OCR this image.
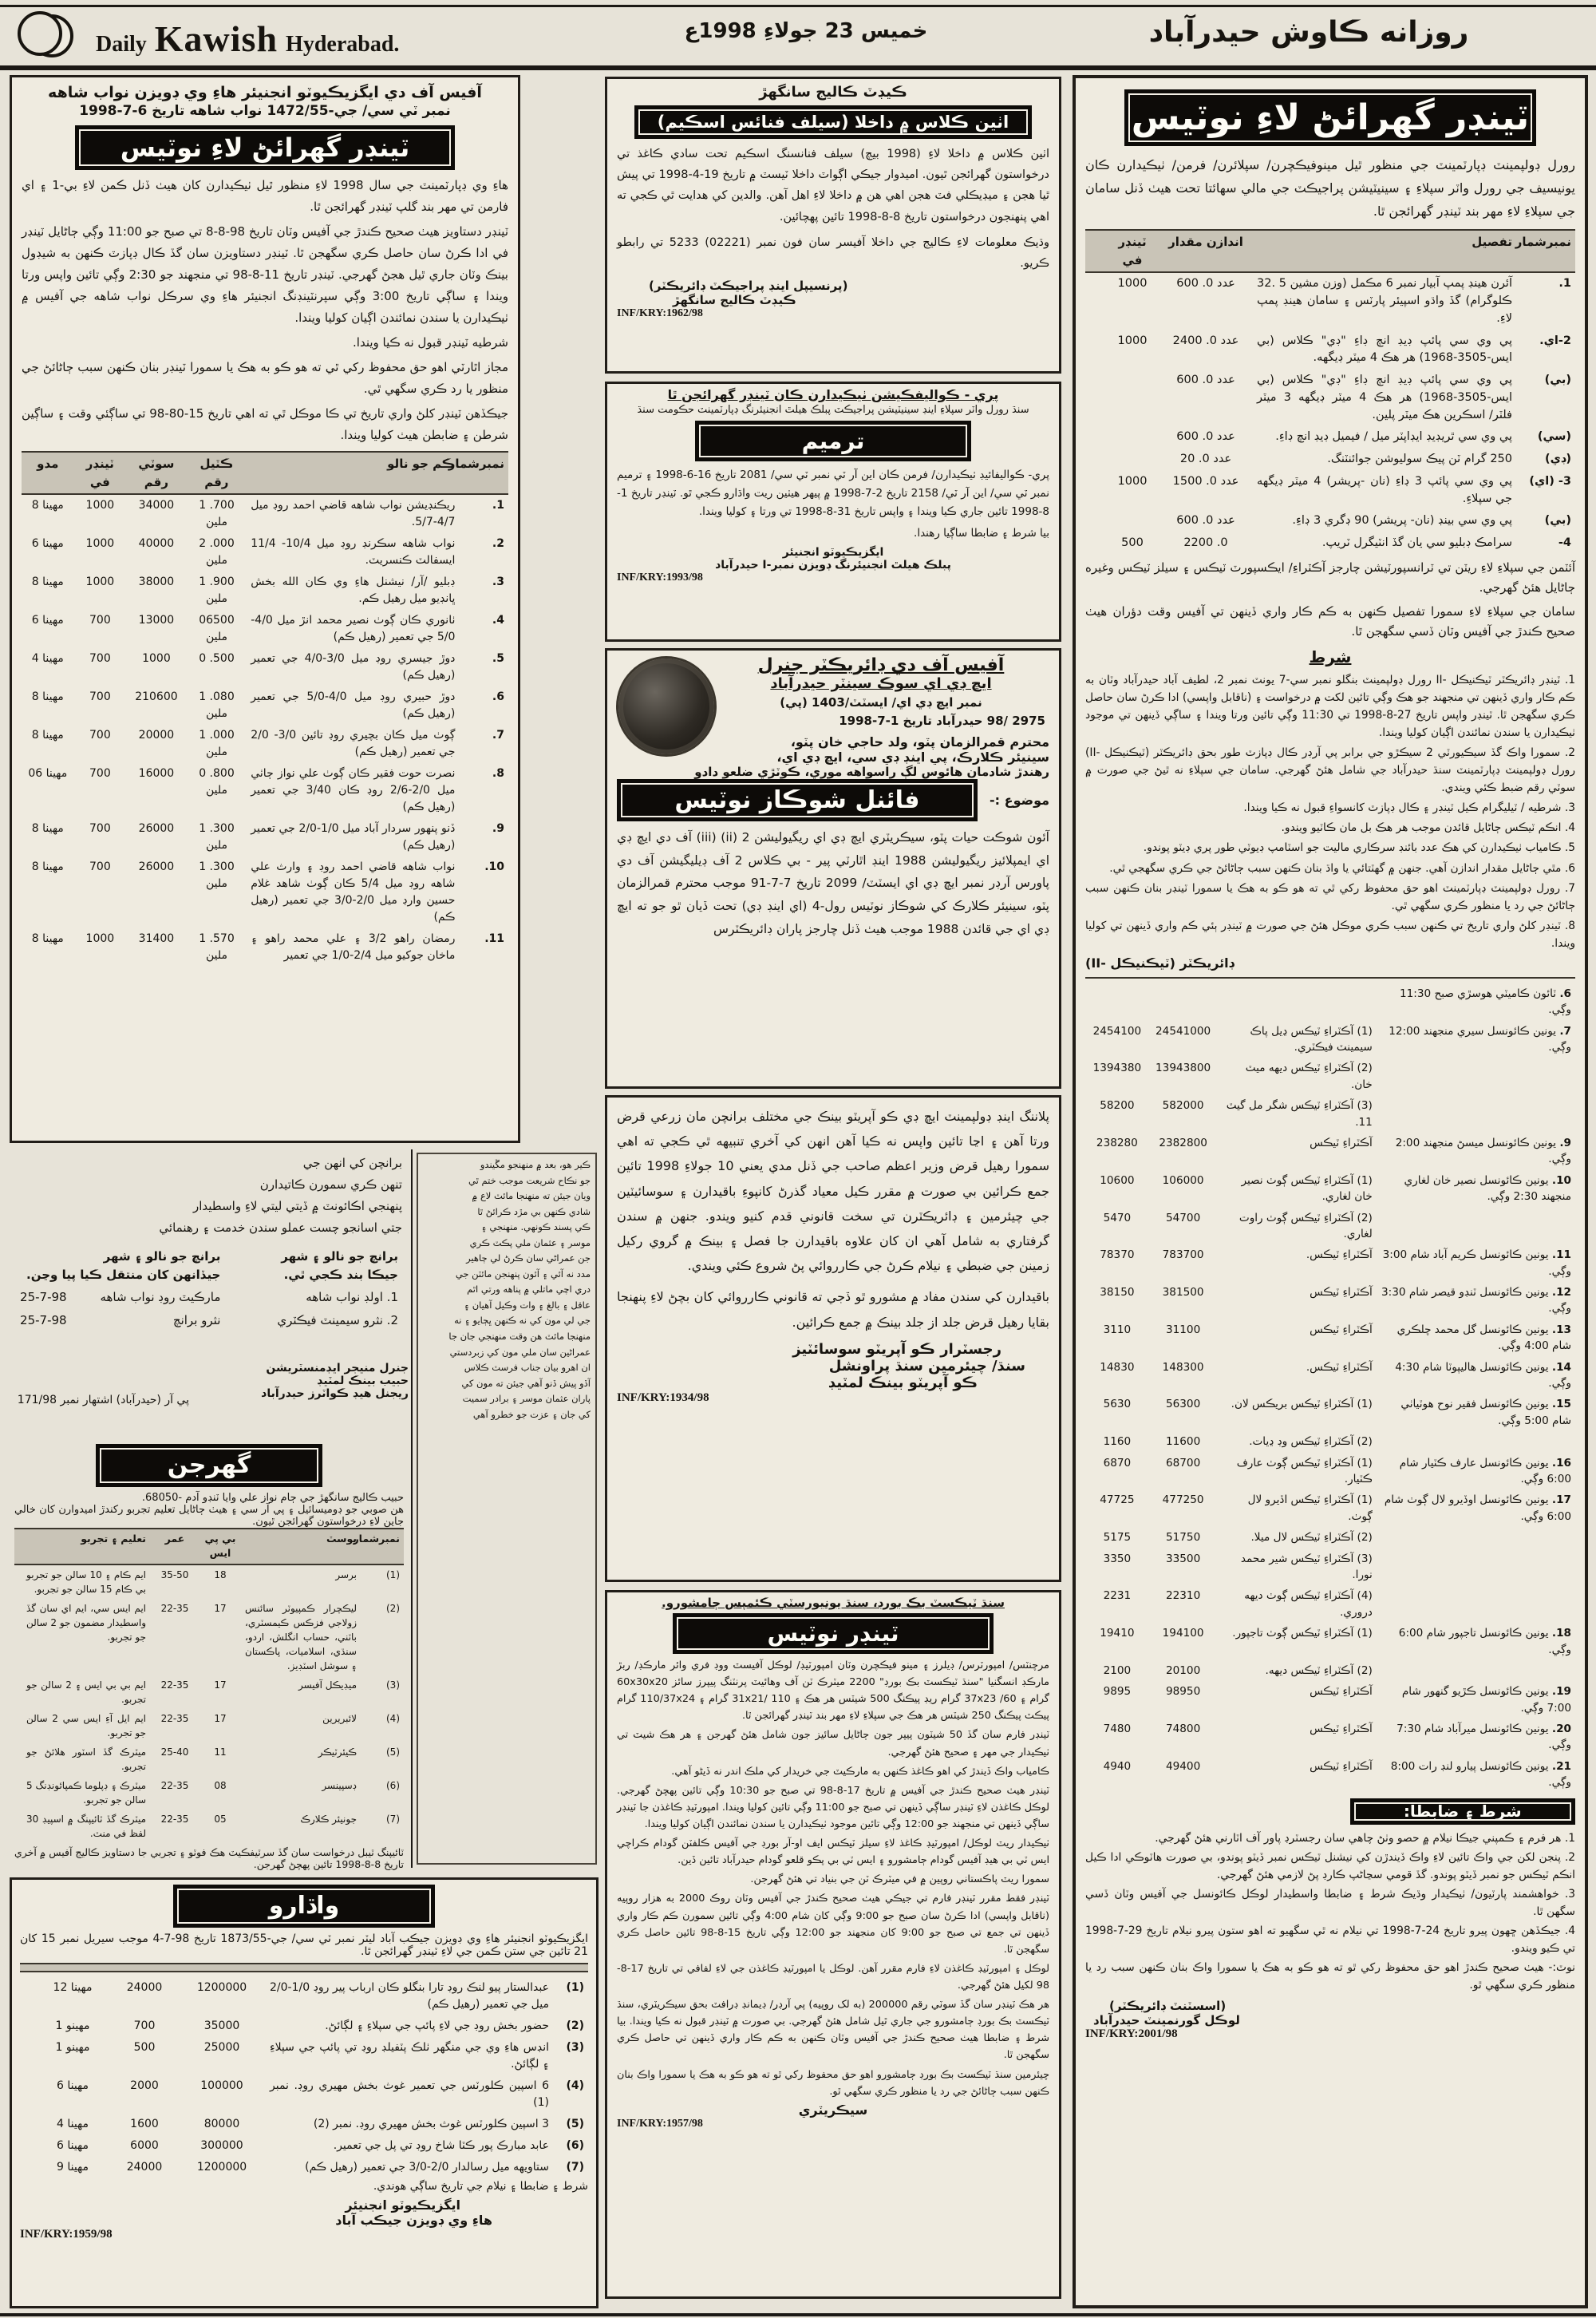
Daily Kawish Hyderabad.
خميس 23 جولاءِ 1998ع	روزانه ڪاوش حيدرآباد
آفيس آف دي ايگزيڪيوٽو انجنيئر هاءِ وي ڊويزن نواب شاهه
نمبر ٽي سي/ جي-1472/55 نواب شاهه تاريخ 6-7-1998
ٽينڊر گهرائڻ لاءِ نوٽيس

هاءِ وي ڊپارٽمينٽ جي سال 1998 لاءِ منظور ٿيل ٺيڪيدارن کان هيٺ ڏنل ڪمن لاءِ بي-1 ۽ اي فارمن تي مهر بند گلپ ٽينڊر گهرائجن ٿا.

ٽينڊر دستاويز هيٺ صحيح ڪندڙ جي آفيس وٽان تاريخ 98-8-8 تي صبح جو 11:00 وڳي ڄاڻايل ٽينڊر في ادا ڪرڻ سان حاصل ڪري سگهجن ٿا. ٽينڊر دستاويزن سان گڏ ڪال ڊپازٽ ڪنهن به شيڊول بينڪ وٽان جاري ٿيل هجڻ گهرجي. ٽينڊر تاريخ 11-8-98 تي منجهند جو 2:30 وڳي تائين واپس ورتا ويندا ۽ ساڳي تاريخ 3:00 وڳي سپرنٽينڊنگ انجنيئر هاءِ وي سرڪل نواب شاهه جي آفيس ۾ ٺيڪيدارن يا سندن نمائندن اڳيان کوليا ويندا.

شرطيه ٽينڊر قبول نه ڪيا ويندا.

مجاز اٿارٽي اهو حق محفوظ رکي ٿي ته هو ڪو به هڪ يا سمورا ٽينڊر بنان ڪنهن سبب ڄاڻائڻ جي منظور يا رد ڪري سگهي ٿي.

جيڪڏهن ٽينڊر کلڻ واري تاريخ تي ڪا موڪل ٿي ته اهي تاريخ 15-80-98 تي ساڳئي وقت ۽ ساڳين شرطن ۽ ضابطن هيٺ کوليا ويندا.

نمبرشمار
ڪم جو نالو
ڪٽيل رقم
سوٽي رقم
ٽينڊر في
مدو
1.
ريڪنڊيشن نواب شاهه قاضي احمد روڊ ميل 4/7-5/7.
1 .700
ملين
34000
1000
8 مهينا
2.
نواب شاهه سڪرنڊ روڊ ميل 10/4- 11/4 ايسفالٽ ڪنسريٽ.
2 .000
ملين
40000
1000
6 مهينا
3.
ڊبليو /آر/ نيشنل هاءِ وي ڪان الله بخش ڀانڊيو ميل رهيل ڪم.
1 .900
ملين
38000
1000
8 مهينا
4.
ٺانوري ڪان ڳوٺ نصير محمد انڙ ميل 4/0-5/0 جي تعمير (رهيل ڪم)
06500
ملين
13000
700
6 مهينا
5.
دوڙ جيسري روڊ ميل 3/0-4/0 جي تعمير (رهيل ڪم)
0 .500

1000
700
4 مهينا
6.
دوڙ حبيري روڊ ميل 4/0-5/0 جي تعمير (رهيل ڪم)
1 .080
ملين
210600
700
8 مهينا
7.
ڳوٺ ميل ڪان بچيري روڊ تائين 3/0- 2/0 جي تعمير (رهيل ڪم)
1 .000
ملين
20000
700
8 مهينا
8.
نصرت حوت فقير ڪان ڳوٺ علي نواز ڄاٺي ميل 2/0-2/6 روڊ ڪان 3/40 جي تعمير (رهيل ڪم)
0 .800
ملين
16000
700
06 مهينا
9.
ڏنو پنهور سردار آباد ميل 1/0-2/0 جي تعمير (رهيل ڪم)
1 .300
ملين
26000
700
8 مهينا
10.
نواب شاهه قاضي احمد روڊ ۽ وارث علي شاهه روڊ ميل 5/4 ڪان ڳوٺ شاهد غلام حسين وارڊ ميل 2/0-3/0 جي تعمير (رهيل ڪم)
1 .300
ملين
26000
700
8 مهينا
11.
رمضان راهو 3/2 ۽ علي محمد راهو ۽ ماخان جوکيو ميل 2/4-1/0 جي تعمير
1 .570
ملين
31400
1000
8 مهينا

برانچن کي انهن جي

تنهن ڪري سمورن ڪاتيدارن

پنهنجي اڪائونٽ ۾ ڏيتي ليتي لاءِ واسطيدار

جتي اسانجو چست عملو سندن خدمت ۽ رهنمائي

برانچ جو نالو ۽ شهر
جيڪا بند ڪجي ٿي.
برانچ جو نالو ۽ شهر
جيڏانهن کان منتقل ڪيا پيا وڃن.
1. اولڊ نواب شاهه
مارڪيٽ روڊ نواب شاهه
25-7-98
2. نثرو سيمينٽ فيڪٽري
نثرو برانچ
25-7-98
ڪير هو، بعد ۾ منهنجو مڱيندو
جو نڪاح شريعت موجب ختم ٿي
ويان جيئن ته منهنجا مائٽ لاع ۾
شادي ڪنهن بي مڙد ڪرائڻ ٿا
ڪي پسند ڪونهي. منهنجي ۽
موسر ۽ عثمان ملي پڪٽ ڪري
جن عمراڻي سان ڪرڻ لي ڄاهير
مدد نه آئي ۽ آئون پنهنجن مائٽن جي
دري اچي ماتلي ۾ پناهه ورتي اٿم
عاقل ۽ بالغ ۽ وات وڪيل آهيان ۽
جي لي مون کي نه ڪنهن ڀڄايو ۽ نه
منهنجا مائٽ هن وقت منهنجي جان جا
عمراڻين سان ملي مون کي زبردستي
ان اهرو بيان جناب فرسٽ ڪلاس
آڏو پيش ڏنو آهي جيئن ته مون کي
پاران عثمان موسر ۽ برادر سميت
کي جان ۽ عزت جو خطرو آهي
گهرجن

حبيب ڪاليج سانگهڙ جي ڄام نواز علي وايا ٽنڊو آدم -68050.

هن صوبي جو ڊوميسائيل ۽ پي آر سي ۽ هيٺ ڄاڻايل تعليم تجربو رکندڙ اميدوارن کان خالي جاين لاءِ درخواستون گهرائجن ٿيون.

نمبرشمار
پوسٽ
بي پي ايس
عمر
تعليم ۽ تجربو
(1)
برسر
18
35-50
ايم ڪام ۽ 10 سالن جو تجربو بي ڪام 15 سالن جو تجربو.
(2)
ليڪچرار ڪمپيوٽر سائنس زولاجي فزڪس ڪيمسٽري، باٽني، حساب انگلش، اردو، سنڌي، اسلاميات، پاڪستان ۽ سوشل اسٽڊيز.
17
22-35
ايم ايس سي، ايم اي سان گڏ واسطيدار مضمون جو 2 سالن جو تجربو.
(3)
ميڊيڪل آفيسر
17
22-35
ايم بي بي ايس ۽ 2 سالن جو تجربو.
(4)
لائبريرين
17
22-35
ايم ايل آءِ ايس سي 2 سالن جو تجربو.
(5)
ڪيئرٽيڪر
11
25-40
ميٽرڪ گڏ اسٽور هلائڻ جو تجربو.
(6)
ڊسپينسر
08
22-35
ميٽرڪ ۽ ڊپلوما ڪمپائونڊنگ 5 سالن جو تجربو.
(7)
جونيئر ڪلارڪ
05
22-35
ميٽرڪ گڏ ٽائيپنگ ۾ اسپيڊ 30 لفظ في منٽ.

ٽائيپنگ ٽيبل درخواست سان گڏ سرٽيفڪيٽ هڪ فوٽو ۽ تجربي جا دستاويز ڪاليج آفيس ۾ آخري تاريخ 8-8-1998 تائين پهچڻ گهرجن.

واڌارو

ايگزيڪيوٽو انجنيئر هاءِ وي ڊويزن جيڪب آباد ليٽر نمبر ٽي سي/ جي-1873/55 تاريخ 98-7-4 موجب سيريل نمبر 15 کان 21 تائين جي ستن ڪمن جي لاءِ ٽينڊر گهرائجن ٿا.

(1)
عبدالستار پيو لنڪ روڊ تارا بنگلو ڪان ارباب پير روڊ 1/0-2/0 ميل جي تعمير (رهيل ڪم)
1200000
24000
12 مهينا
(2)
حضور بخش روڊ جي لاءِ پائپ جي سپلاءِ ۽ لڳائڻ.
35000
700
1 مهينو
(3)
انڊس هاءِ وي جي منگهر ٺلڪ پٽفيلڊ روڊ تي پائپ جي سپلاءِ ۽ لڳائڻ.
25000
500
1 مهينو
(4)
6 اسپين ڪلورٽس جي تعمير غوث بخش مهيري روڊ. نمبر (1)
100000
2000
6 مهينا
(5)
3 اسپين ڪلورٽس غوث بخش مهيري روڊ. نمبر (2)
80000
1600
4 مهينا
(6)
عابد مبارڪ پور ڪٽا شاخ روڊ تي پل جي تعمير.
300000
6000
6 مهينا
(7)
ستاويهه ميل رسالدار 2/0-3/0 جي تعمير (رهيل ڪم)
1200000
24000
9 مهينا

شرط ۽ ضابطا ۽ نيلام جي تاريخ ساڳي هوندي.

ايگزيڪيوٽو انجنيئر
هاءِ وي ڊويزن جيڪب آباد
INF/KRY:1959/98
ڪيڊٽ ڪاليج سانگهڙ
اٺين ڪلاس ۾ داخلا (سيلف فنائس اسڪيم)

اٺين ڪلاس ۾ داخلا لاءِ (1998 بيچ) سيلف فنانسنگ اسڪيم تحت سادي ڪاغذ تي درخواستون گهرائجن ٿيون. اميدوار جيڪي اڳواٽ داخلا ٽيسٽ ۾ تاريخ 19-4-1998 تي پيش ٿيا هجن ۽ ميڊيڪلي فٽ هجن اهي هن ۾ داخلا لاءِ اهل آهن. والدين کي هدايت ٿي ڪجي ته اهي پنهنجون درخواستون تاريخ 8-8-1998 تائين پهچائين.

وڌيڪ معلومات لاءِ ڪاليج جي داخلا آفيسر سان فون نمبر (02221) 5233 تي رابطو ڪريو.

(پرنسيپل اينڊ پراجيڪٽ ڊائريڪٽر)
ڪيڊٽ ڪاليج سانگهڙ
INF/KRY:1962/98
پري - ڪواليفڪيشن ٺيڪيدارن ڪان ٽينڊر گهرائجن ٿا
سنڌ رورل واٽر سپلاءِ اينڊ سينيٽيشن پراجيڪٽ پبلڪ هيلٿ انجنيئرنگ ڊپارٽمينٽ حڪومت سنڌ
ترميم

پري- ڪواليفائيڊ ٺيڪيدارن/ فرمن ڪان اين آر ٽي نمبر ٽي سي/ 2081 تاريخ 16-6-1998 ۽ ترميم نمبر ٽي سي/ اين آر ٽي/ 2158 تاريخ 2-7-1998 ۾ پيهر هيٺين ريت واڌارو ڪجي ٿو. ٽينڊر تاريخ 1-8-1998 تائين جاري ڪيا ويندا ۽ واپس تاريخ 31-8-1998 تي ورتا ۽ کوليا ويندا.

بيا شرط ۽ ضابطا ساڳيا رهندا.

ايگزيڪيوٽو انجنيئر
پبلڪ هيلٿ انجنيئرنگ ڊويزن نمبر-I حيدرآباد
INF/KRY:1993/98
آفيس آف دي ڊائريڪٽر جنرل
ايڇ ڊي اي سوڪ سينٽر حيدرآباد
نمبر ايڇ ڊي اي/ ايسٽٽ/1403 (پي)
2975 /98 حيدرآباد تاريخ 1-7-1998
محترم قمرالزمان پٽو، ولد حاجي خان پٽو،
سينيئر ڪلارڪ، پي اينڊ ڊي سي، ايڇ ڊي اي،
رهندڙ شادمان هائوس لڳ راسواهه موري، ڪوٽڙي ضلعو دادو
موضوع :-
فائنل شوڪاز نوٽيس

آئون شوڪت حيات پٽو، سيڪريٽري ايڇ ڊي اي ريگيوليشن 2 (ii) (iii) آف دي ايڇ ڊي اي ايمپلائيز ريگيوليشن 1988 اينڊ اٿارٽي پير - بي ڪلاس 2 آف ڊيليگيشن آف دي پاورس آرڊر نمبر ايڇ ڊي اي ايسٽٽ/ 2099 تاريخ 7-7-91 موجب محترم قمرالزمان پٽو، سينيئر ڪلارڪ کي شوڪاز نوٽيس رول-4 (اي اينڊ ڊي) تحت ڏيان ٿو جو ته ايڇ ڊي اي جي قائدن 1988 موجب هيٺ ڏنل چارجز پاران ڊائريڪٽرس

پلاننگ اينڊ ڊولپمينٽ ايڇ ڊي ڪو آپريٽو بينڪ جي مختلف برانچن مان زرعي قرض ورتا آهن ۽ اڃا تائين واپس نه ڪيا آهن انهن کي آخري تنبيهه ٿي ڪجي ته اهي سمورا رهيل قرض وزير اعظم صاحب جي ڏنل مدي يعني 10 جولاءِ 1998 تائين جمع ڪرائين بي صورت ۾ مقرر ڪيل معياد گذرڻ کانپوءِ باقيدارن ۽ سوسائيٽين جي چيئرمين ۽ ڊائريڪٽرن تي سخت قانوني قدم کنيو ويندو. جنهن ۾ سندن گرفتاري به شامل آهي ان کان علاوه باقيدارن جا فصل ۽ بينڪ ۾ گروي رکيل زمينن جي ضبطي ۽ نيلام ڪرڻ جي ڪارروائي پڻ شروع ڪئي ويندي.

باقيدارن کي سندن مفاد ۾ مشورو ٿو ڏجي ته قانوني ڪارروائي کان بچڻ لاءِ پنهنجا بقايا رهيل قرض جلد از جلد بينڪ ۾ جمع ڪرائين.

رجسٽرار ڪو آپريٽو سوسائٽيز
سنڌ/ چيئرمين سنڌ پراونشل
ڪو آپريٽو بينڪ لمٽيڊ
INF/KRY:1934/98
سنڌ ٽيڪسٽ بڪ بورڊ، سنڌ يونيورسٽي ڪئمپس ڄامشورو.
ٽينڊر نوٽيس

مرچنٽس/ امپورٽرس/ ڊيلرز ۽ مينو فيڪچرن وٽان امپورٽيڊ/ لوڪل آفيسٽ ووڊ فري وائر مارڪڊ/ ربڙ مارڪڊ انسگنيا "سنڌ ٽيڪسٽ بڪ بورڊ" 2200 ميٽرڪ ٽن آف وهائيٽ پرنٽنگ پيپرز سائز 60x30x20 گرام ۽ 37x23 /60 گرام ريڊ پيڪنگ 500 شيٽس هر هڪ ۽ 31x21/ 110 گرام ۽ 110/37x24 گرام پيڪٽ پيڪنگ 250 شيٽس هر هڪ جي سپلاءِ لاءِ مهر بند ٽينڊر گهرائجن ٿا.

ٽينڊر فارم سان گڏ 50 شيٽون پيپر جون ڄاڻايل سائيز جون شامل هئڻ گهرجن ۽ هر هڪ شيٽ تي ٺيڪيدار جي مهر ۽ صحيح هئڻ گهرجي.

ڪامياب واڪ ڏيندڙ کي اهو ڪاغذ ڪنهن به مارڪيٽ جي خريدار کي ملڪ اندر نه ڏيڻو آهي.

ٽينڊر هيٺ صحيح ڪندڙ جي آفيس ۾ تاريخ 17-8-98 تي صبح جو 10:30 وڳي تائين پهچڻ گهرجي. لوڪل ڪاغذن لاءِ ٽينڊر ساڳي ڏينهن تي صبح جو 11:00 وڳي تائين کوليا ويندا. امپورٽيڊ ڪاغذن جا ٽينڊر ساڳي ڏينهن تي منجهند جو 12:00 وڳي تائين موجود ٺيڪيدارن يا سندن نمائندن اڳيان کوليا ويندا.

ٺيڪيدار ريٽ لوڪل/ امپورٽيڊ ڪاغذ لاءِ سيلز ٽيڪس ايف او-آر بورڊ جي آفيس ڪلفٽن گودام ڪراچي ايس ٽي بي هيڊ آفيس گودام ڄامشورو ۽ ايس ٽي بي پڪو قلعو گودام حيدرآباد تائين ڏين.

سمورا ريٽ پاڪستاني روپين ۾ في ميٽرڪ ٽن جي بنياد تي هئڻ گهرجن.

ٽينڊر فقط مقرر ٽينڊر فارم تي جيڪي هيٺ صحيح ڪندڙ جي آفيس وٽان روڪ 2000 به هزار روپيه (ناقابل واپسي) ادا ڪرڻ سان صبح جو 9:00 وڳي کان شام 4:00 وڳي تائين سمورن ڪم ڪار واري ڏينهن تي جمع تي صبح جو 9:00 کان منجهند جو 12:00 وڳي تاريخ 15-8-98 تائين حاصل ڪري سگهجن ٿا.

لوڪل ۽ امپورٽيڊ ڪاغذن لاءِ فارم مقرر آهن. لوڪل يا امپورٽيڊ ڪاغذن جي لاءِ لفافي تي تاريخ 17-8-98 لکيل هئڻ گهرجي.

هر هڪ ٽينڊر سان گڏ سوٽي رقم 200000 (به لک روپيه) پي آرڊر/ ڊيمانڊ ڊرافٽ بحق سيڪريٽري، سنڌ ٽيڪسٽ بڪ بورڊ ڄامشورو جي جاري ٿيل شامل هئڻ گهرجي. بي صورت ۾ ٽينڊر قبول نه ڪيا ويندا. بيا شرط ۽ ضابطا هيٺ صحيح ڪندڙ جي آفيس وٽان ڪنهن به ڪم ڪار واري ڏينهن تي حاصل ڪري سگهجن ٿا.

چيئرمين سنڌ ٽيڪسٽ بڪ بورڊ ڄامشورو اهو حق محفوظ رکي ٿو ته هو ڪو به هڪ يا سمورا واڪ بنان ڪنهن سبب ڄاڻائڻ جي رد يا منظور ڪري سگهي ٿو.

سيڪريٽري
INF/KRY:1957/98
ٽينڊر گهرائڻ لاءِ نوٽيس

رورل ڊولپمينٽ ڊپارٽمينٽ جي منظور ٿيل مينوفيڪچرن/ سپلائرن/ فرمن/ ٺيڪيدارن ڪان يونيسيف جي رورل واٽر سپلاءِ ۽ سينيٽيشن پراجيڪٽ جي مالي سهائتا تحت هيٺ ڏنل سامان جي سپلاءِ لاءِ مهر بند ٽينڊر گهرائجن ٿا.

نمبرشمار
تفصيل
اندازن مقدار
ٽينڊر في
1.
آئرن هينڊ پمپ آبيار نمبر 6 مڪمل (وزن مشين 5 .32 ڪلوگرام) گڏ واڌو اسپيئر پارٽس ۽ سامان هينڊ پمپ لاءِ.
600 .0 عدد
1000
2-اي.
پي وي سي پائپ ڊيڊ انچ ڊاءِ "ڊي" ڪلاس (بي ايس-3505-1968) هر هڪ 4 ميٽر ڊيگهه.
2400 .0 عدد
1000
(بي)
پي وي سي پائپ ڊيڊ انچ ڊاءِ "ڊي" ڪلاس (بي ايس-3505-1968) هر هڪ 4 ميٽر ڊيگهه 3 ميٽر فلٽر/ اسڪرين هڪ ميٽر پلين.
600 .0 عدد
(سي)
پي وي سي ٿريڊيڊ ايڊاپٽر ميل / فيميل ڊيڊ انچ ڊاءِ.
600 .0 عدد
(ڊي)
250 گرام ٽن پيڪ سوليوشن جوائنٽنگ.
20 .0 عدد
3- (اي)
پي وي سي پائپ 3 ڊاءِ (نان -پريشر) 4 ميٽر ڊيگهه جي سپلاءِ.
1500 .0 عدد
1000
(بي)
پي وي سي بينڊ (نان- پريشر) 90 ڊگري 3 ڊاءِ.
600 .0 عدد
4-
سرامڪ ڊبليو سي يان گڏ انٽيگرل ٽريپ.
2200 .0
500

آئٽمن جي سپلاءِ لاءِ ريٽن تي ٽرانسپورٽيشن چارجز آڪٽراءِ/ ايڪسپورٽ ٽيڪس ۽ سيلز ٽيڪس وغيره ڄاڻايل هئڻ گهرجي.

سامان جي سپلاءِ لاءِ سمورا تفصيل ڪنهن به ڪم ڪار واري ڏينهن تي آفيس وقت دؤران هيٺ صحيح ڪندڙ جي آفيس وٽان ڏسي سگهجن ٿا.

شرط

1. ٽينڊر ڊائريڪٽر ٽيڪنيڪل -II رورل ڊولپمينٽ بنگلو نمبر سي-7 يونٽ نمبر 2، لطيف آباد حيدرآباد وٽان به ڪم ڪار واري ڏينهن تي منجهند جو هڪ وڳي تائين لکت ۾ درخواست ۽ (ناقابل واپسي) ادا ڪرڻ سان حاصل ڪري سگهجن ٿا. ٽينڊر واپس تاريخ 27-8-1998 تي 11:30 وڳي تائين ورتا ويندا ۽ ساڳي ڏينهن تي موجود ٺيڪيدارن يا سندن نمائندن اڳيان کوليا ويندا.

2. سمورا واڪ گڏ سيڪيورٽي 2 سيڪڙو جي برابر پي آرڊر ڪال ڊپازٽ طور بحق ڊائريڪٽر (ٽيڪنيڪل -II) رورل ڊولپمينٽ ڊپارٽمينٽ سنڌ حيدرآباد جي شامل هئڻ گهرجي. سامان جي سپلاءِ نه ٿيڻ جي صورت ۾ سوٽي رقم ضبط ڪئي ويندي.

3. شرطيه / ٽيليگرام ڪيل ٽينڊر ۽ ڪال ڊپازٽ کانسواءِ قبول نه ڪيا ويندا.

4. انڪم ٽيڪس ڄاڻايل قائدن موجب هر هڪ بل مان ڪاٽيو ويندو.

5. ڪامياب ٺيڪيدارن کي هڪ عدد بائنڊ سرڪاري ماليت جو اسٽامپ ڊيوٽي طور پري ڊيٽو پوندو.

6. مٿي ڄاڻايل مقدار اندازن آهي. جنهن ۾ گهٽتائي يا واڌ بنان ڪنهن سبب ڄاڻائڻ جي ڪري سگهجي ٿي.

7. رورل ڊولپمينٽ ڊپارٽمينٽ اهو حق محفوظ رکي ٿي ته هو ڪو به هڪ يا سمورا ٽينڊر بنان ڪنهن سبب ڄاڻائڻ جي رد يا منظور ڪري سگهي ٿي.

8. ٽينڊر کلڻ واري تاريخ تي ڪنهن سبب ڪري موڪل هئڻ جي صورت ۾ ٽينڊر ٻئي ڪم واري ڏينهن تي کوليا ويندا.

ڊائريڪٽر (ٽيڪنيڪل -II)
6. ٽائون ڪاميٽي هوسڙي صبح 11:30 وڳي.
7. يونين ڪائونسل سيري منجهند 12:00 وڳي.
(1) آڪٽراءِ ٽيڪس ڍيل پاڪ سيمينٽ فيڪٽري.
24541000
2454100
(2) آڪٽراءِ ٽيڪس ديهه ميٽ خان.
13943800
1394380
(3) آڪٽراءِ ٽيڪس شگر مل گيٽ 11.
582000
58200
9. يونين ڪائونسل ميسڻ منجهند 2:00 وڳي.
آڪٽراءِ ٽيڪس
2382800
238280
10. يونين ڪائونسل نصير خان لغاري منجهند 2:30 وڳي.
(1) آڪٽراءِ ٽيڪس ڳوٺ نصير خان لغاري.
106000
10600
(2) آڪٽراءِ ٽيڪس ڳوٺ راوت لغاري.
54700
5470
11. يونين ڪائونسل ڪريم آباد شام 3:00 وڳي.
آڪٽراءِ ٽيڪس.
783700
78370
12. يونين ڪائونسل ٽنڊو قيصر شام 3:30 وڳي.
آڪٽراءِ ٽيڪس
381500
38150
13. يونين ڪائونسل گل محمد چلڪري شام 4:00 وڳي.
آڪٽراءِ ٽيڪس
31100
3110
14. يونين ڪائونسل هاليپوٽا شام 4:30 وڳي.
آڪٽراءِ ٽيڪس.
148300
14830
15. يونين ڪائونسل فقير نوح هوٽياٺي شام 5:00 وڳي.
(1) آڪٽراءِ ٽيڪس بريڪس لان.
56300
5630
(2) آڪٽراءِ ٽيڪس وڊ ڍيات.
11600
1160
16. يونين ڪائونسل عارف ڪٽيار شام 6:00 وڳي.
(1) آڪٽراءِ ٽيڪس ڳوٺ عارف ڪٽيار.
68700
6870
17. يونين ڪائونسل اوڏيرو لال ڳوٺ شام 6:00 وڳي.
(1) آڪٽراءِ ٽيڪس اڏيرو لال ڳوٺ.
477250
47725
(2) آڪٽراءِ ٽيڪس لال ميلا.
51750
5175
(3) آڪٽراءِ ٽيڪس شير محمد نورا.
33500
3350
(4) آڪٽراءِ ٽيڪس ڳوٺ ديهه دروري.
22310
2231
18. يونين ڪائونسل تاجپور شام 6:00 وڳي.
(1) آڪٽراءِ ٽيڪس ڳوٺ تاجپور.
194100
19410
(2) آڪٽراءِ ٽيڪس ديهه.
20100
2100
19. يونين ڪائونسل ڪڙيو گنهور شام 7:00 وڳي.
آڪٽراءِ ٽيڪس
98950
9895
20. يونين ڪائونسل ميرآباد شام 7:30 وڳي.
آڪٽراءِ ٽيڪس
74800
7480
21. يونين ڪائونسل پيارو لنڊ رات 8:00 وڳي.
آڪٽراءِ ٽيڪس
49400
4940
شرط ۽ ضابطا:

1. هر فرم ۽ ڪمپني جيڪا نيلام ۾ حصو وٺڻ چاهي سان رجسٽرڊ پاور آف اٽارني هئڻ گهرجي.

2. پنجن لکن جي واڪ تائين لاءِ واڪ ڏيندڙن کي نيشنل ٽيڪس نمبر ڏيٽو پوندو، بي صورت هاٽوڪي ادا ڪيل انڪم ٽيڪس جو نمبر ڏيٽو پوندو. گڏ قومي سڃاڻپ ڪارڊ پڻ لازمي هئڻ گهرجي.

3. خواهشمند پارٽيون/ ٺيڪيدار وڌيڪ شرط ۽ ضابطا واسطيدار لوڪل ڪائونسل جي آفيس وٽان ڏسي سگهن ٿا.

4. جيڪڏهن ڇهون پيرو تاريخ 24-7-1998 تي نيلام نه ٿي سگهيو ته اهو ستون پيرو نيلام تاريخ 29-7-1998 تي ڪيو ويندو.

نوٽ:- هيٺ صحيح ڪندڙ اهو حق محفوظ رکي ٿو ته هو ڪو به هڪ يا سمورا واڪ بنان ڪنهن سبب رد يا منظور ڪري سگهي ٿو.

(اسسٽنٽ ڊائريڪٽر)
لوڪل گورنمينٽ حيدرآباد
INF/KRY:2001/98
جنرل منيجر ايڊمنسٽريشن
حبيب بينڪ لمٽيڊ
ريجنل هيڊ ڪواٽرز حيدرآباد
پي آر (حيدرآباد) اشتهار نمبر 171/98
